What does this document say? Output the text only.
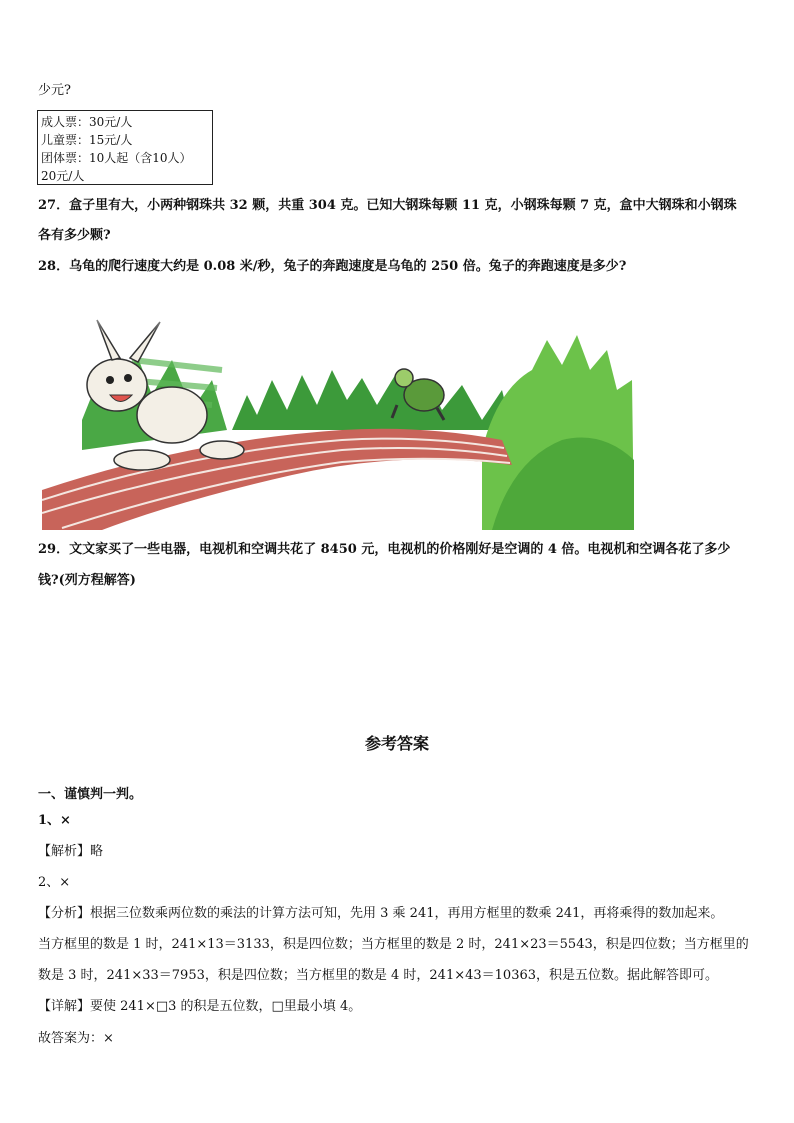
少元?
成人票：30元/人
儿童票：15元/人
团体票：10人起（含10人）
20元/人
27．盒子里有大，小两种钢珠共 32 颗，共重 304 克。已知大钢珠每颗 11 克，小钢珠每颗 7 克，盒中大钢珠和小钢珠
各有多少颗?
28．乌龟的爬行速度大约是 0.08 米/秒，兔子的奔跑速度是乌龟的 250 倍。兔子的奔跑速度是多少?
29．文文家买了一些电器，电视机和空调共花了 8450 元，电视机的价格刚好是空调的 4 倍。电视机和空调各花了多少
钱?(列方程解答)
参考答案
一、谨慎判一判。
1、×
【解析】略
2、×
【分析】根据三位数乘两位数的乘法的计算方法可知，先用 3 乘 241，再用方框里的数乘 241，再将乘得的数加起来。
当方框里的数是 1 时，241×13＝3133，积是四位数；当方框里的数是 2 时，241×23＝5543，积是四位数；当方框里的
数是 3 时，241×33＝7953，积是四位数；当方框里的数是 4 时，241×43＝10363，积是五位数。据此解答即可。
【详解】要使 241×□3 的积是五位数，□里最小填 4。
故答案为：×
